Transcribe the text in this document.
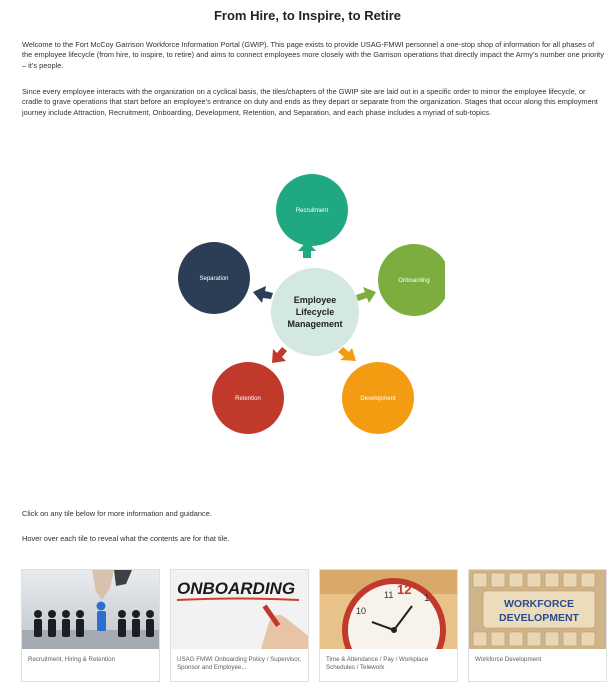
From Hire, to Inspire, to Retire

Welcome to the Fort McCoy Garrison Workforce Information Portal (GWIP). This page exists to provide USAG-FMWI personnel a one-stop shop of information for all phases of the employee lifecycle (from hire, to inspire, to retire) and aims to connect employees more closely with the Garrison operations that directly impact the Army’s number one priority – it’s people.

Since every employee interacts with the organization on a cyclical basis, the tiles/chapters of the GWIP site are laid out in a specific order to mirror the employee lifecycle, or cradle to grave operations that start before an employee’s entrance on duty and ends as they depart or separate from the organization. Stages that occur along this employment journey include Attraction, Recruitment, Onboarding, Development, Retention, and Separation, and each phase includes a myriad of sub-topics.

Recruitment
Onboarding
Development
Retention
Separation
Employee
Lifecycle
Management
Click on any tile below for more information and guidance.
Hover over each tile to reveal what the contents are for that tile.
Recruitment, Hiring & Retention
ONBOARDING
USAG FMWI Onboarding Policy / Supervisor, Sponsor and Employee...
11 12
1
10
Time & Attendance / Pay / Workplace Schedules / Telework
WORKFORCE
DEVELOPMENT
Workforce Development
